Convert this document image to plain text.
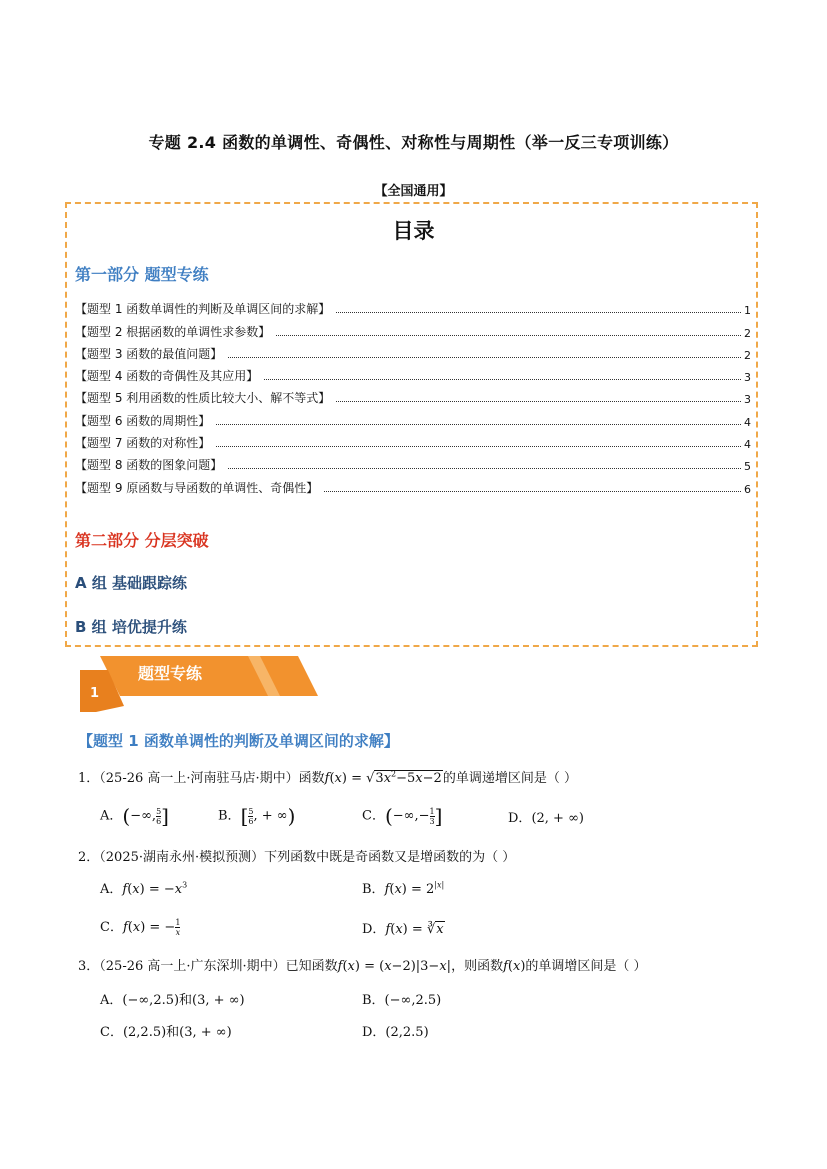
专题 2.4 函数的单调性、奇偶性、对称性与周期性（举一反三专项训练）
【全国通用】
目录
第一部分 题型专练
【题型 1 函数单调性的判断及单调区间的求解】	1
【题型 2 根据函数的单调性求参数】	2
【题型 3 函数的最值问题】	2
【题型 4 函数的奇偶性及其应用】	3
【题型 5 利用函数的性质比较大小、解不等式】	3
【题型 6 函数的周期性】	4
【题型 7 函数的对称性】	4
【题型 8 函数的图象问题】	5
【题型 9 原函数与导函数的单调性、奇偶性】	6
第二部分 分层突破
A 组 基础跟踪练
B 组 培优提升练
题型专练
1
【题型 1 函数单调性的判断及单调区间的求解】
1．（25-26 高一上·河南驻马店·期中）函数$f(x) = √3x^2-5x-2$的单调递增区间是（ ）
A．(−∞, $\frac{5}{6}$ ]	B．[ $\frac{5}{6}$ , + ∞)	C．(−∞,− $\frac{1}{3}$ ]	D．(2, + ∞)
2．（2025·湖南永州·模拟预测）下列函数中既是奇函数又是增函数的为（ ）
A．$f(x) = -x^3$	B．$f(x) = 2^{|x|}$
C．f(x) = − $\frac{1}{x}$	D．f(x) = ∛x
3．（25-26 高一上·广东深圳·期中）已知函数f(x) = (x−2)|3−x|，则函数f(x)的单调增区间是（ ）
A．(−∞,2.5)和(3, + ∞)	B．(−∞,2.5)
C．(2,2.5)和(3, + ∞)	D．(2,2.5)
